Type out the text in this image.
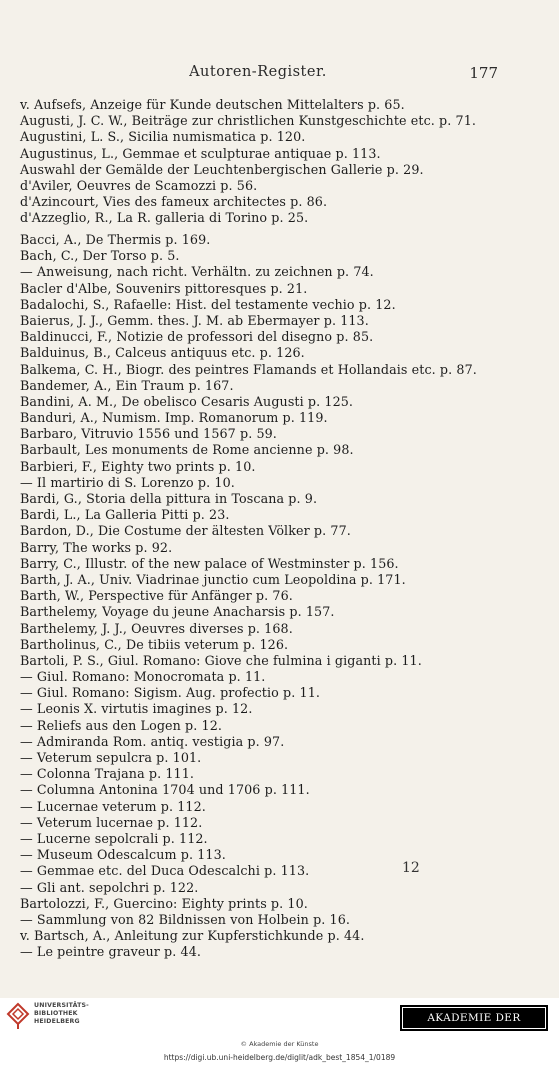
Autoren-Register.	177
v. Aufsefs, Anzeige für Kunde deutschen Mittelalters p. 65.
Augusti, J. C. W., Beiträge zur christlichen Kunstgeschichte etc. p. 71.
Augustini, L. S., Sicilia numismatica p. 120.
Augustinus, L., Gemmae et sculpturae antiquae p. 113.
Auswahl der Gemälde der Leuchtenbergischen Gallerie p. 29.
d'Aviler, Oeuvres de Scamozzi p. 56.
d'Azincourt, Vies des fameux architectes p. 86.
d'Azzeglio, R., La R. galleria di Torino p. 25.
Bacci, A., De Thermis p. 169.
Bach, C., Der Torso p. 5.
— Anweisung, nach richt. Verhältn. zu zeichnen p. 74.
Bacler d'Albe, Souvenirs pittoresques p. 21.
Badalochi, S., Rafaelle: Hist. del testamente vechio p. 12.
Baierus, J. J., Gemm. thes. J. M. ab Ebermayer p. 113.
Baldinucci, F., Notizie de professori del disegno p. 85.
Balduinus, B., Calceus antiquus etc. p. 126.
Balkema, C. H., Biogr. des peintres Flamands et Hollandais etc. p. 87.
Bandemer, A., Ein Traum p. 167.
Bandini, A. M., De obelisco Cesaris Augusti p. 125.
Banduri, A., Numism. Imp. Romanorum p. 119.
Barbaro, Vitruvio 1556 und 1567 p. 59.
Barbault, Les monuments de Rome ancienne p. 98.
Barbieri, F., Eighty two prints p. 10.
— Il martirio di S. Lorenzo p. 10.
Bardi, G., Storia della pittura in Toscana p. 9.
Bardi, L., La Galleria Pitti p. 23.
Bardon, D., Die Costume der ältesten Völker p. 77.
Barry, The works p. 92.
Barry, C., Illustr. of the new palace of Westminster p. 156.
Barth, J. A., Univ. Viadrinae junctio cum Leopoldina p. 171.
Barth, W., Perspective für Anfänger p. 76.
Barthelemy, Voyage du jeune Anacharsis p. 157.
Barthelemy, J. J., Oeuvres diverses p. 168.
Bartholinus, C., De tibiis veterum p. 126.
Bartoli, P. S., Giul. Romano: Giove che fulmina i giganti p. 11.
— Giul. Romano: Monocromata p. 11.
— Giul. Romano: Sigism. Aug. profectio p. 11.
— Leonis X. virtutis imagines p. 12.
— Reliefs aus den Logen p. 12.
— Admiranda Rom. antiq. vestigia p. 97.
— Veterum sepulcra p. 101.
— Colonna Trajana p. 111.
— Columna Antonina 1704 und 1706 p. 111.
— Lucernae veterum p. 112.
— Veterum lucernae p. 112.
— Lucerne sepolcrali p. 112.
— Museum Odescalcum p. 113.
— Gemmae etc. del Duca Odescalchi p. 113.
— Gli ant. sepolchri p. 122.
Bartolozzi, F., Guercino: Eighty prints p. 10.
— Sammlung von 82 Bildnissen von Holbein p. 16.
v. Bartsch, A., Anleitung zur Kupferstichkunde p. 44.
— Le peintre graveur p. 44.
12
UNIVERSITÄTS-
BIBLIOTHEK
HEIDELBERG	AKADEMIE DER KÜNSTE
© Akademie der Künste
https://digi.ub.uni-heidelberg.de/diglit/adk_best_1854_1/0189
